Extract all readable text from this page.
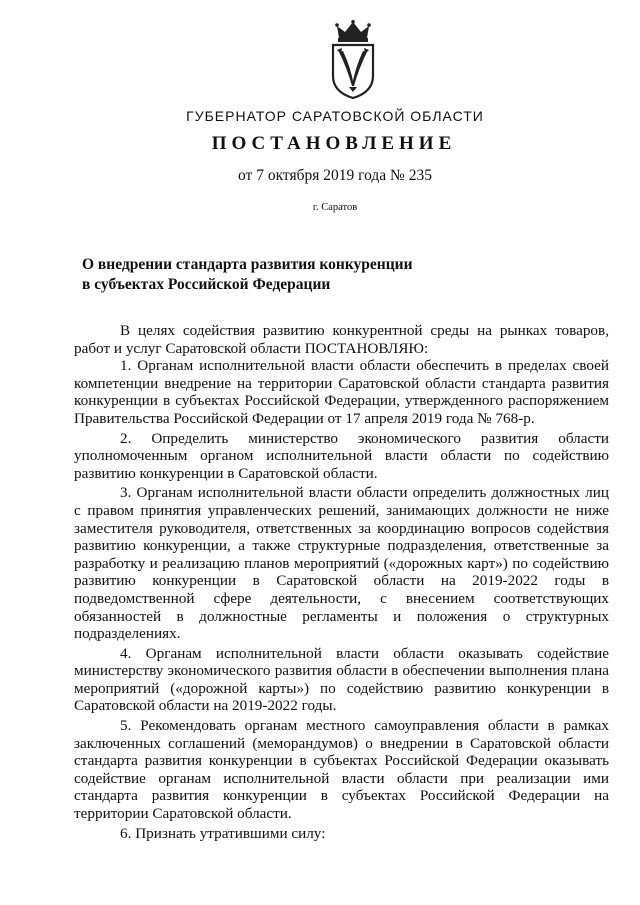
ГУБЕРНАТОР САРАТОВСКОЙ ОБЛАСТИ
ПОСТАНОВЛЕНИЕ
от 7 октября 2019 года № 235
г. Саратов
О внедрении стандарта развития конкуренции
в субъектах Российской Федерации

В целях содействия развитию конкурентной среды на рынках товаров, работ и услуг Саратовской области ПОСТАНОВЛЯЮ:

1. Органам исполнительной власти области обеспечить в пределах своей компетенции внедрение на территории Саратовской области стандарта развития конкуренции в субъектах Российской Федерации, утвержденного распоряжением Правительства Российской Федерации от 17 апреля 2019 года № 768-р.

2. Определить министерство экономического развития области уполномоченным органом исполнительной власти области по содействию развитию конкуренции в Саратовской области.

3. Органам исполнительной власти области определить должностных лиц с правом принятия управленческих решений, занимающих должности не ниже заместителя руководителя, ответственных за координацию вопросов содействия развитию конкуренции, а также структурные подразделения, ответственные за разработку и реализацию планов мероприятий («дорожных карт») по содействию развитию конкуренции в Саратовской области на 2019-2022 годы в подведомственной сфере деятельности, с внесением соответствующих обязанностей в должностные регламенты и положения о структурных подразделениях.

4. Органам исполнительной власти области оказывать содействие министерству экономического развития области в обеспечении выполнения плана мероприятий («дорожной карты») по содействию развитию конкуренции в Саратовской области на 2019-2022 годы.

5. Рекомендовать органам местного самоуправления области в рамках заключенных соглашений (меморандумов) о внедрении в Саратовской области стандарта развития конкуренции в субъектах Российской Федерации оказывать содействие органам исполнительной власти области при реализации ими стандарта развития конкуренции в субъектах Российской Федерации на территории Саратовской области.

6. Признать утратившими силу:
